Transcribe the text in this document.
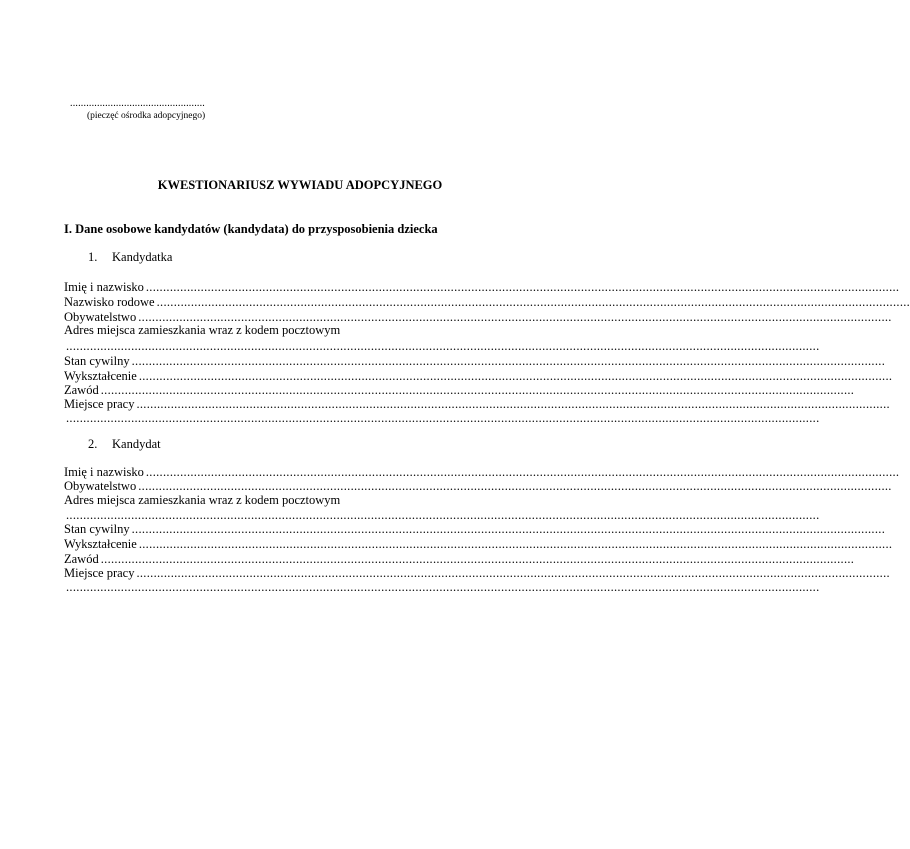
..................................................
(pieczęć ośrodka adopcyjnego)
KWESTIONARIUSZ WYWIADU ADOPCYJNEGO
I. Dane osobowe kandydatów (kandydata) do przysposobienia dziecka
1. Kandydatka
Imię i nazwisko ............................................................................................................................................................................................................................
Nazwisko rodowe ............................................................................................................................................................................................................................
Obywatelstwo ............................................................................................................................................................................................................................
Adres miejsca zamieszkania wraz z kodem pocztowym
............................................................................................................................................................................................................................
Stan cywilny ............................................................................................................................................................................................................................
Wykształcenie ............................................................................................................................................................................................................................
Zawód ............................................................................................................................................................................................................................
Miejsce pracy ............................................................................................................................................................................................................................
............................................................................................................................................................................................................................
2. Kandydat
Imię i nazwisko ............................................................................................................................................................................................................................
Obywatelstwo ............................................................................................................................................................................................................................
Adres miejsca zamieszkania wraz z kodem pocztowym
............................................................................................................................................................................................................................
Stan cywilny ............................................................................................................................................................................................................................
Wykształcenie ............................................................................................................................................................................................................................
Zawód ............................................................................................................................................................................................................................
Miejsce pracy ............................................................................................................................................................................................................................
............................................................................................................................................................................................................................
